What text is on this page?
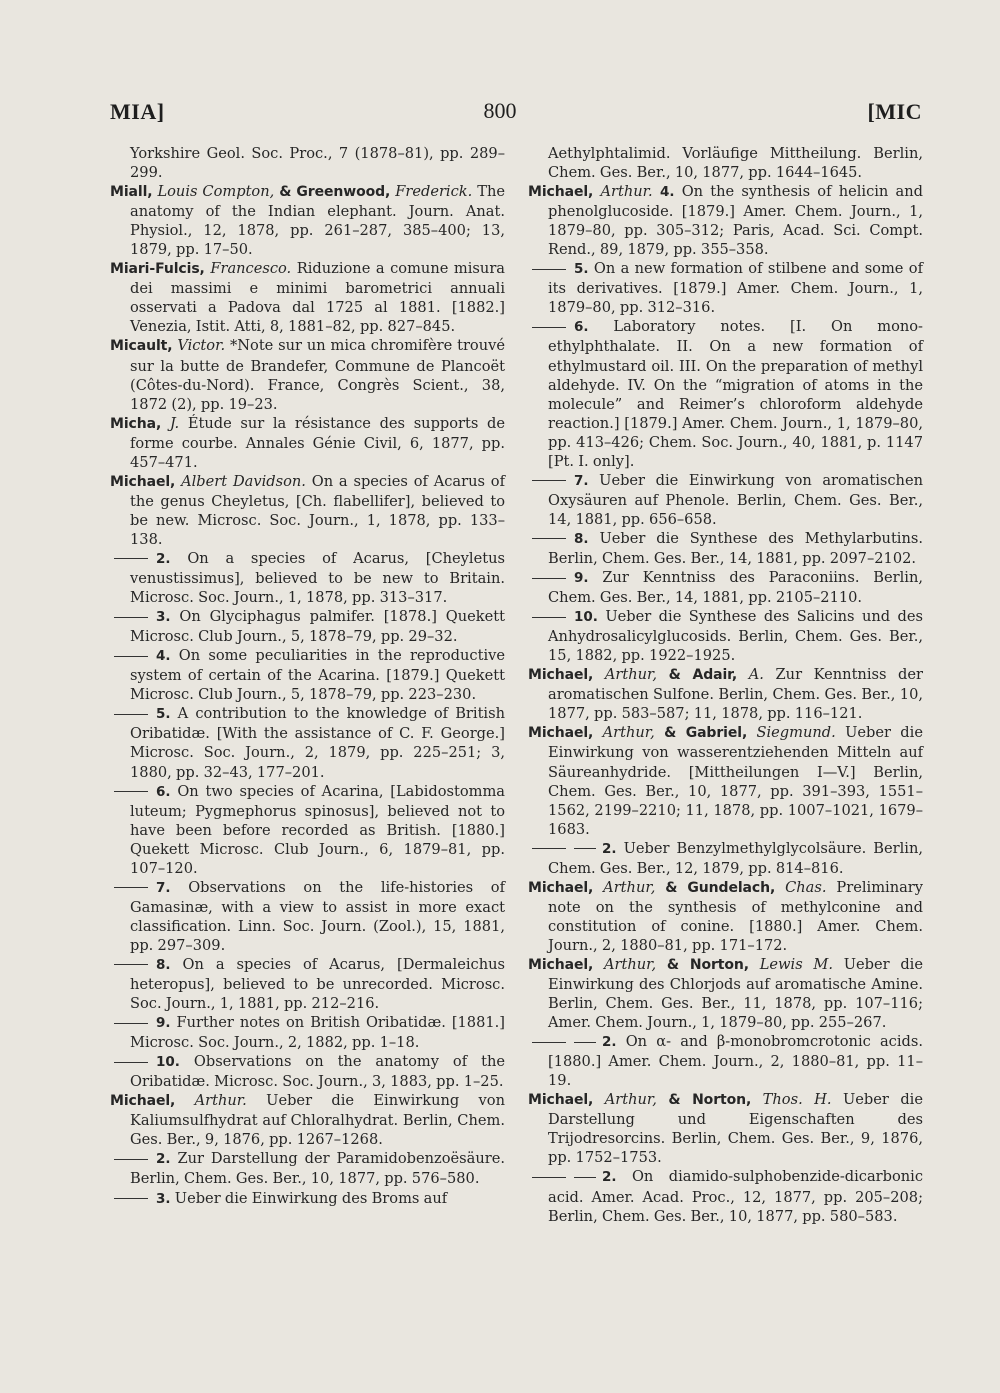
MIA]	800	[MIC

Yorkshire Geol. Soc. Proc., 7 (1878–81), pp. 289–299.

Miall, Louis Compton, & Greenwood, Frederick. The anatomy of the Indian elephant. Journ. Anat. Physiol., 12, 1878, pp. 261–287, 385–400; 13, 1879, pp. 17–50.

Miari-Fulcis, Francesco. Riduzione a comune misura dei massimi e minimi barometrici annuali osservati a Padova dal 1725 al 1881. [1882.] Venezia, Istit. Atti, 8, 1881–82, pp. 827–845.

Micault, Victor. *Note sur un mica chromifère trouvé sur la butte de Brandefer, Commune de Plancoët (Côtes-du-Nord). France, Congrès Scient., 38, 1872 (2), pp. 19–23.

Micha, J. Étude sur la résistance des supports de forme courbe. Annales Génie Civil, 6, 1877, pp. 457–471.

Michael, Albert Davidson. On a species of Acarus of the genus Cheyletus, [Ch. flabellifer], believed to be new. Microsc. Soc. Journ., 1, 1878, pp. 133–138.

2. On a species of Acarus, [Cheyletus venustissimus], believed to be new to Britain. Microsc. Soc. Journ., 1, 1878, pp. 313–317.

3. On Glyciphagus palmifer. [1878.] Quekett Microsc. Club Journ., 5, 1878–79, pp. 29–32.

4. On some peculiarities in the reproductive system of certain of the Acarina. [1879.] Quekett Microsc. Club Journ., 5, 1878–79, pp. 223–230.

5. A contribution to the knowledge of British Oribatidæ. [With the assistance of C. F. George.] Microsc. Soc. Journ., 2, 1879, pp. 225–251; 3, 1880, pp. 32–43, 177–201.

6. On two species of Acarina, [Labidostomma luteum; Pygmephorus spinosus], believed not to have been before recorded as British. [1880.] Quekett Microsc. Club Journ., 6, 1879–81, pp. 107–120.

7. Observations on the life-histories of Gamasinæ, with a view to assist in more exact classification. Linn. Soc. Journ. (Zool.), 15, 1881, pp. 297–309.

8. On a species of Acarus, [Dermaleichus heteropus], believed to be unrecorded. Microsc. Soc. Journ., 1, 1881, pp. 212–216.

9. Further notes on British Oribatidæ. [1881.] Microsc. Soc. Journ., 2, 1882, pp. 1–18.

10. Observations on the anatomy of the Oribatidæ. Microsc. Soc. Journ., 3, 1883, pp. 1–25.

Michael, Arthur. Ueber die Einwirkung von Kaliumsulfhydrat auf Chloralhydrat. Berlin, Chem. Ges. Ber., 9, 1876, pp. 1267–1268.

2. Zur Darstellung der Paramidobenzoësäure. Berlin, Chem. Ges. Ber., 10, 1877, pp. 576–580.

3. Ueber die Einwirkung des Broms auf

Aethylphtalimid. Vorläufige Mittheilung. Berlin, Chem. Ges. Ber., 10, 1877, pp. 1644–1645.

Michael, Arthur. 4. On the synthesis of helicin and phenolglucoside. [1879.] Amer. Chem. Journ., 1, 1879–80, pp. 305–312; Paris, Acad. Sci. Compt. Rend., 89, 1879, pp. 355–358.

5. On a new formation of stilbene and some of its derivatives. [1879.] Amer. Chem. Journ., 1, 1879–80, pp. 312–316.

6. Laboratory notes. [I. On mono-ethylphthalate. II. On a new formation of ethylmustard oil. III. On the preparation of methyl aldehyde. IV. On the “migration of atoms in the molecule” and Reimer’s chloroform aldehyde reaction.] [1879.] Amer. Chem. Journ., 1, 1879–80, pp. 413–426; Chem. Soc. Journ., 40, 1881, p. 1147 [Pt. I. only].

7. Ueber die Einwirkung von aromatischen Oxysäuren auf Phenole. Berlin, Chem. Ges. Ber., 14, 1881, pp. 656–658.

8. Ueber die Synthese des Methylarbutins. Berlin, Chem. Ges. Ber., 14, 1881, pp. 2097–2102.

9. Zur Kenntniss des Paraconiins. Berlin, Chem. Ges. Ber., 14, 1881, pp. 2105–2110.

10. Ueber die Synthese des Salicins und des Anhydrosalicylglucosids. Berlin, Chem. Ges. Ber., 15, 1882, pp. 1922–1925.

Michael, Arthur, & Adair, A. Zur Kenntniss der aromatischen Sulfone. Berlin, Chem. Ges. Ber., 10, 1877, pp. 583–587; 11, 1878, pp. 116–121.

Michael, Arthur, & Gabriel, Siegmund. Ueber die Einwirkung von wasserentziehenden Mitteln auf Säureanhydride. [Mittheilungen I—V.] Berlin, Chem. Ges. Ber., 10, 1877, pp. 391–393, 1551–1562, 2199–2210; 11, 1878, pp. 1007–1021, 1679–1683.

2. Ueber Benzylmethylglycolsäure. Berlin, Chem. Ges. Ber., 12, 1879, pp. 814–816.

Michael, Arthur, & Gundelach, Chas. Preliminary note on the synthesis of methylconine and constitution of conine. [1880.] Amer. Chem. Journ., 2, 1880–81, pp. 171–172.

Michael, Arthur, & Norton, Lewis M. Ueber die Einwirkung des Chlorjods auf aromatische Amine. Berlin, Chem. Ges. Ber., 11, 1878, pp. 107–116; Amer. Chem. Journ., 1, 1879–80, pp. 255–267.

2. On α- and β-monobromcrotonic acids. [1880.] Amer. Chem. Journ., 2, 1880–81, pp. 11–19.

Michael, Arthur, & Norton, Thos. H. Ueber die Darstellung und Eigenschaften des Trijodresorcins. Berlin, Chem. Ges. Ber., 9, 1876, pp. 1752–1753.

2. On diamido-sulphobenzide-dicarbonic acid. Amer. Acad. Proc., 12, 1877, pp. 205–208; Berlin, Chem. Ges. Ber., 10, 1877, pp. 580–583.
